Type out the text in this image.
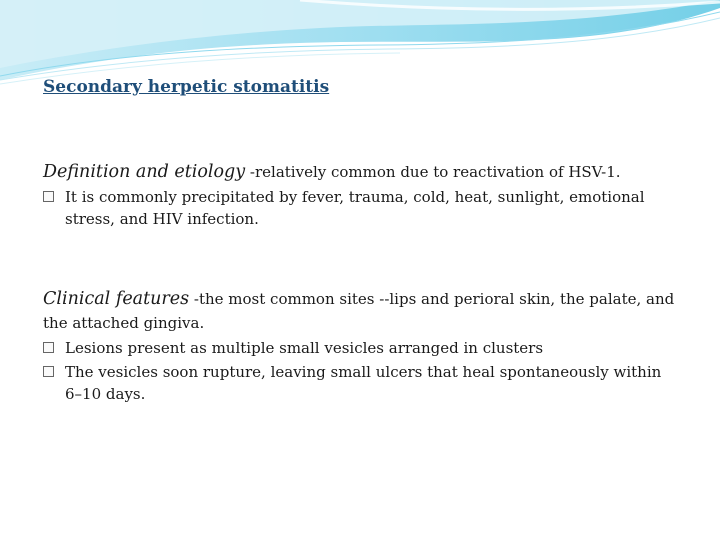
Secondary herpetic stomatitis

Definition and etiology -relatively common due to reactivation of HSV-1.

It is commonly precipitated by fever, trauma, cold, heat, sunlight, emotional stress, and HIV infection.

Clinical features -the most common sites --lips and perioral skin, the palate, and the attached gingiva.

Lesions present as multiple small vesicles arranged in clusters

The vesicles soon rupture, leaving small ulcers that heal spontaneously within 6–10 days.
